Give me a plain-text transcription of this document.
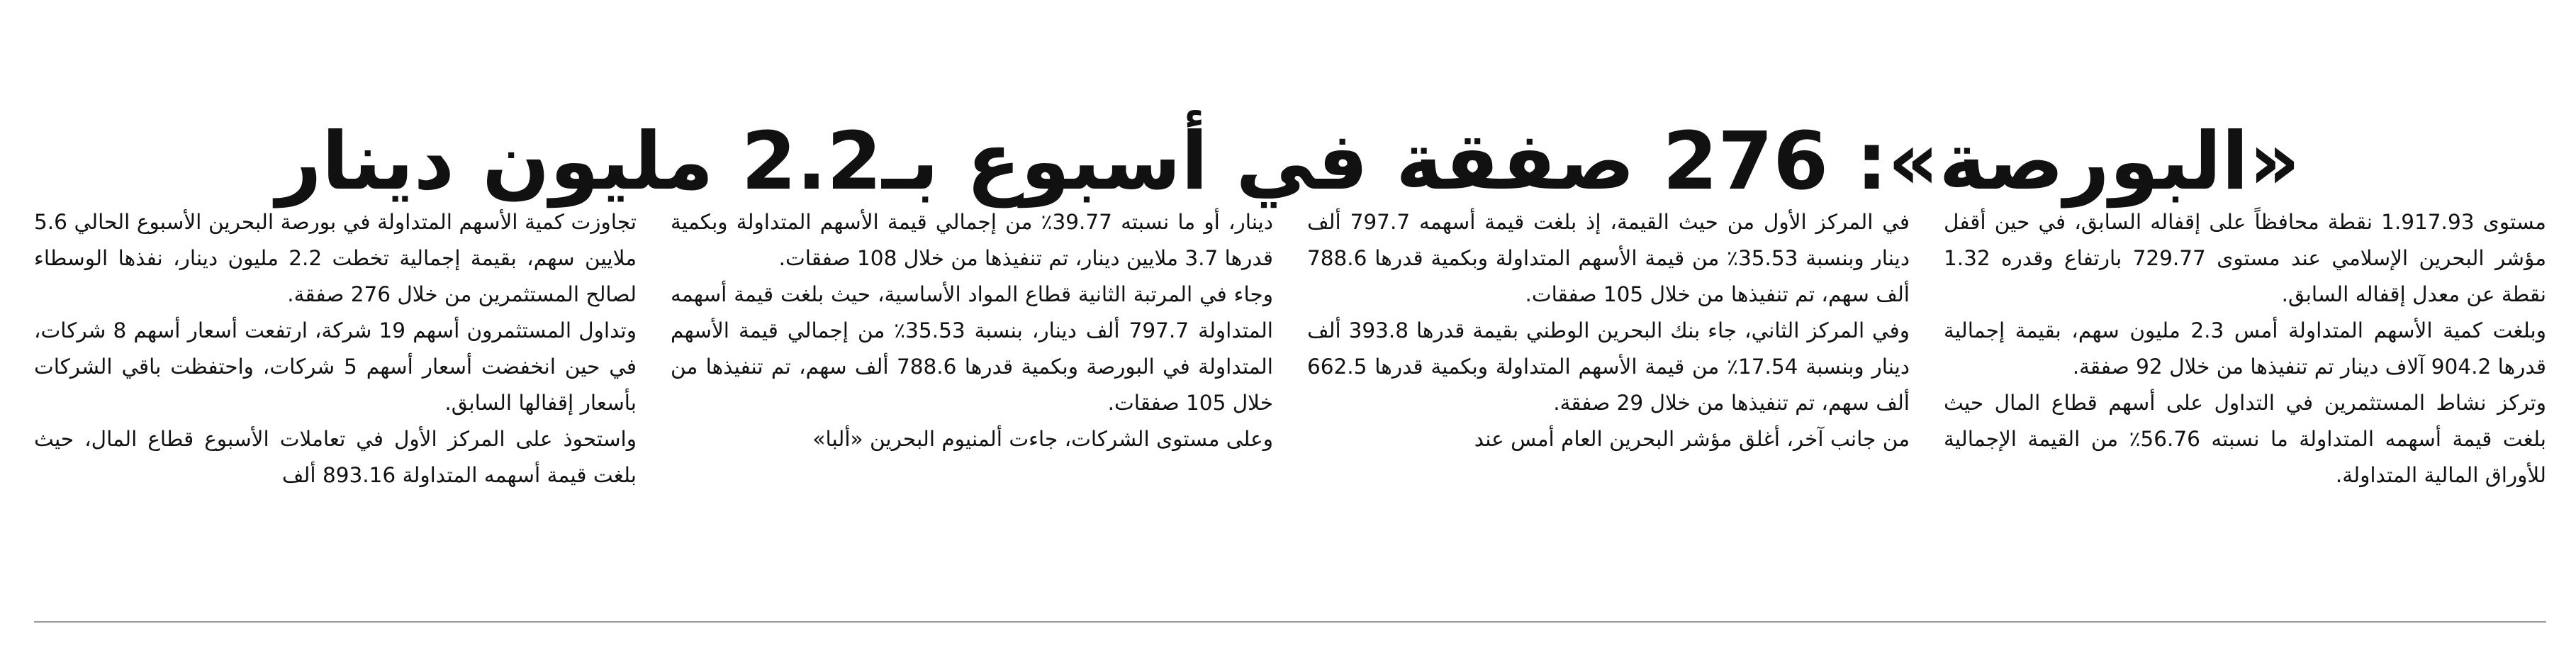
«البورصة»: 276 صفقة في أسبوع بـ2.2 مليون دينار

تجاوزت كمية الأسهم المتداولة في بورصة البحرين الأسبوع الحالي 5.6 ملايين سهم، بقيمة إجمالية تخطت 2.2 مليون دينار، نفذها الوسطاء لصالح المستثمرين من خلال 276 صفقة.

وتداول المستثمرون أسهم 19 شركة، ارتفعت أسعار أسهم 8 شركات، في حين انخفضت أسعار أسهم 5 شركات، واحتفظت باقي الشركات بأسعار إقفالها السابق.

واستحوذ على المركز الأول في تعاملات الأسبوع قطاع المال، حيث بلغت قيمة أسهمه المتداولة 893.16 ألف

دينار، أو ما نسبته 39.77٪ من إجمالي قيمة الأسهم المتداولة وبكمية قدرها 3.7 ملايين دينار، تم تنفيذها من خلال 108 صفقات.

وجاء في المرتبة الثانية قطاع المواد الأساسية، حيث بلغت قيمة أسهمه المتداولة 797.7 ألف دينار، بنسبة 35.53٪ من إجمالي قيمة الأسهم المتداولة في البورصة وبكمية قدرها 788.6 ألف سهم، تم تنفيذها من خلال 105 صفقات.

وعلى مستوى الشركات، جاءت ألمنيوم البحرين «ألبا»

في المركز الأول من حيث القيمة، إذ بلغت قيمة أسهمه 797.7 ألف دينار وبنسبة 35.53٪ من قيمة الأسهم المتداولة وبكمية قدرها 788.6 ألف سهم، تم تنفيذها من خلال 105 صفقات.

وفي المركز الثاني، جاء بنك البحرين الوطني بقيمة قدرها 393.8 ألف دينار وبنسبة 17.54٪ من قيمة الأسهم المتداولة وبكمية قدرها 662.5 ألف سهم، تم تنفيذها من خلال 29 صفقة.

من جانب آخر، أغلق مؤشر البحرين العام أمس عند

مستوى 1.917.93 نقطة محافظاً على إقفاله السابق، في حين أقفل مؤشر البحرين الإسلامي عند مستوى 729.77 بارتفاع وقدره 1.32 نقطة عن معدل إقفاله السابق.

وبلغت كمية الأسهم المتداولة أمس 2.3 مليون سهم، بقيمة إجمالية قدرها 904.2 آلاف دينار تم تنفيذها من خلال 92 صفقة.

وتركز نشاط المستثمرين في التداول على أسهم قطاع المال حيث بلغت قيمة أسهمه المتداولة ما نسبته 56.76٪ من القيمة الإجمالية للأوراق المالية المتداولة.
